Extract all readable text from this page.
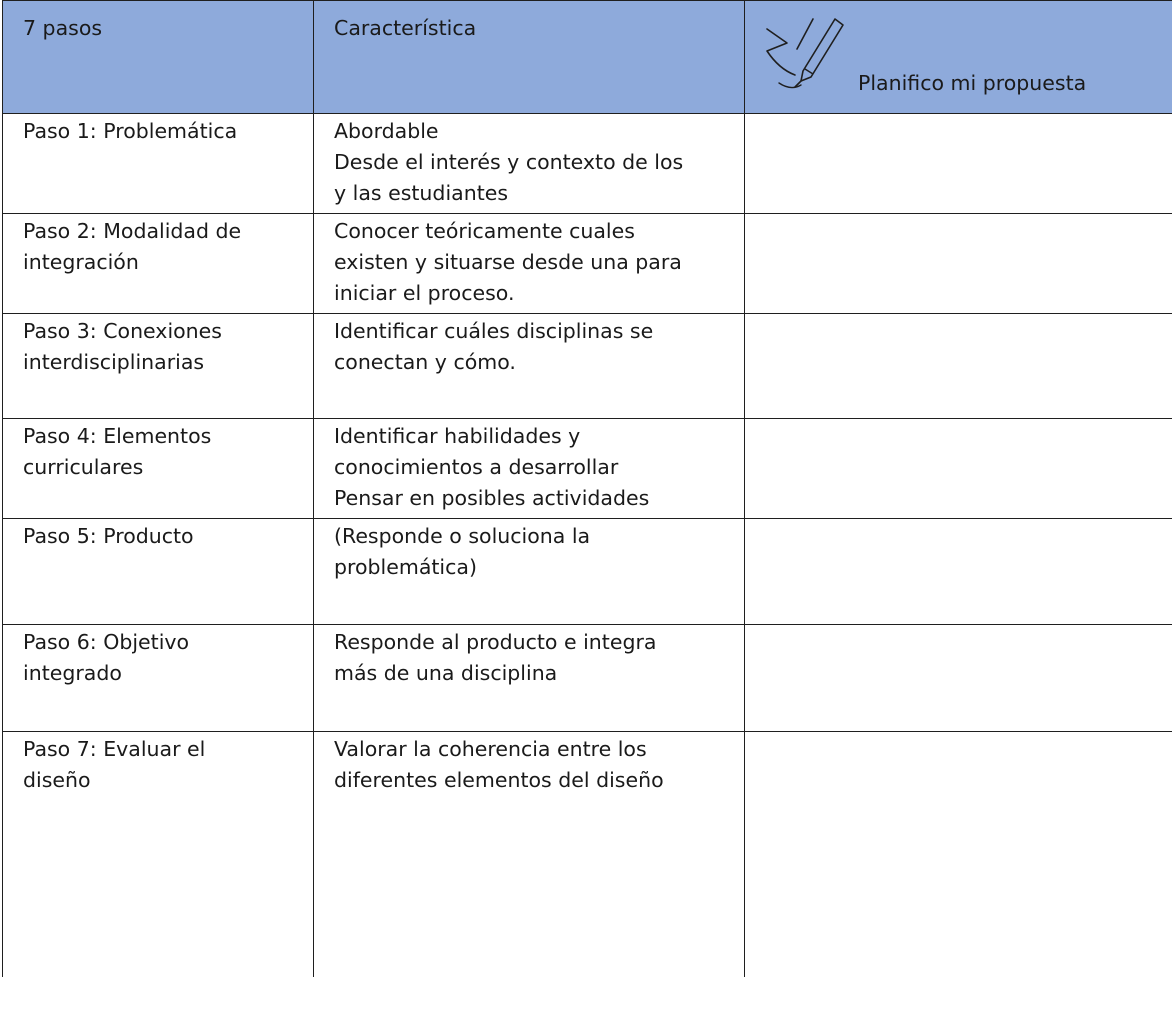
7 pasos	Característica	Planifico mi propuesta

Paso 1: Problemática	Abordable
Desde el interés y contexto de los
y las estudiantes	

Paso 2: Modalidad de
integración	Conocer teóricamente cuales
existen y situarse desde una para
iniciar el proceso.	

Paso 3: Conexiones
interdisciplinarias	Identificar cuáles disciplinas se
conectan y cómo.	

Paso 4: Elementos
curriculares	Identificar habilidades y
conocimientos a desarrollar
Pensar en posibles actividades	

Paso 5: Producto	(Responde o soluciona la
problemática)	

Paso 6: Objetivo
integrado	Responde al producto e integra
más de una disciplina	

Paso 7: Evaluar el
diseño	Valorar la coherencia entre los
diferentes elementos del diseño	
